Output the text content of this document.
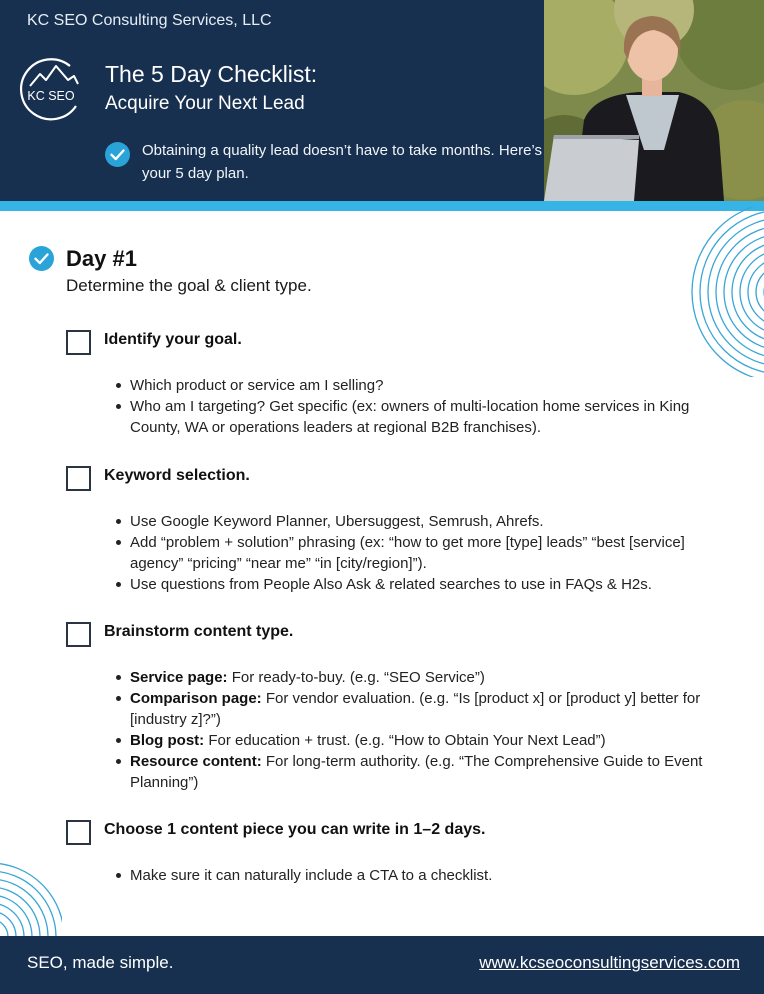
KC SEO Consulting Services, LLC
KC SEO
The 5 Day Checklist:
Acquire Your Next Lead
Obtaining a quality lead doesn’t have to take months. Here’s your 5 day plan.
Day #1
Determine the goal & client type.
Identify your goal.
Which product or service am I selling?
Who am I targeting? Get specific (ex: owners of multi-location home services in King County, WA or operations leaders at regional B2B franchises).
Keyword selection.
Use Google Keyword Planner, Ubersuggest, Semrush, Ahrefs.
Add “problem + solution” phrasing (ex: “how to get more [type] leads” “best [service] agency” “pricing” “near me” “in [city/region]”).
Use questions from People Also Ask & related searches to use in FAQs & H2s.
Brainstorm content type.
Service page: For ready-to-buy. (e.g. “SEO Service”)
Comparison page: For vendor evaluation. (e.g. “Is [product x] or [product y] better for [industry z]?”)
Blog post: For education + trust. (e.g. “How to Obtain Your Next Lead”)
Resource content: For long-term authority. (e.g. “The Comprehensive Guide to Event Planning”)
Choose 1 content piece you can write in 1–2 days.
Make sure it can naturally include a CTA to a checklist.
SEO, made simple.	www.kcseoconsultingservices.com
